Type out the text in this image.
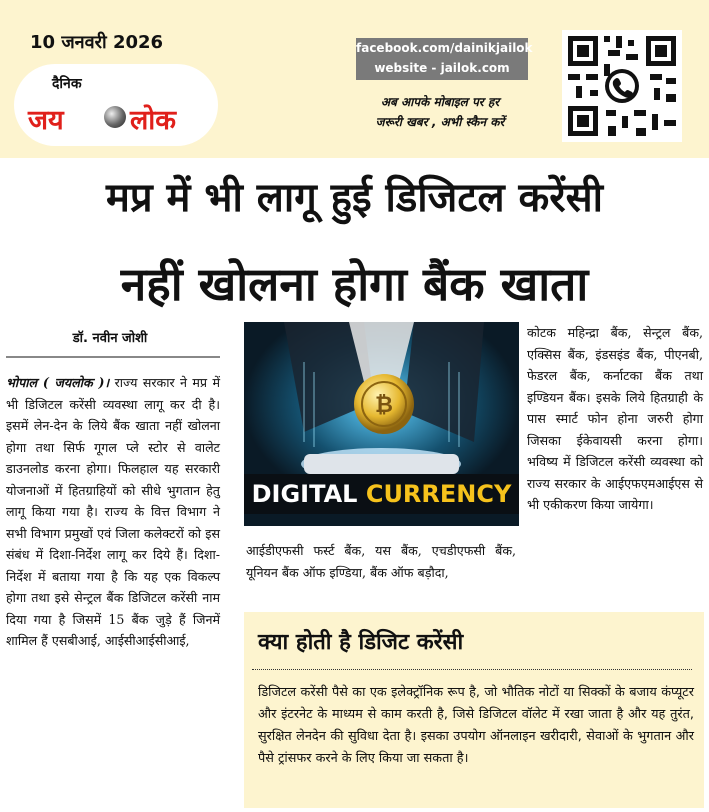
10 जनवरी 2026
दैनिक
जय लोक
facebook.com/dainikjailok
website - jailok.com
अब आपके मोबाइल पर हर
जरूरी खबर , अभी स्कैन करें
मप्र में भी लागू हुई डिजिटल करेंसी
नहीं खोलना होगा बैंक खाता
डॉ. नवीन जोशी
भोपाल ( जयलोक )। राज्य सरकार ने मप्र में भी डिजिटल करेंसी व्यवस्था लागू कर दी है। इसमें लेन-देन के लिये बैंक खाता नहीं खोलना होगा तथा सिर्फ गूगल प्ले स्टोर से वालेट डाउनलोड करना होगा। फिलहाल यह सरकारी योजनाओं में हितग्राहियों को सीधे भुगतान हेतु लागू किया गया है। राज्य के वित्त विभाग ने सभी विभाग प्रमुखों एवं जिला कलेक्टरों को इस संबंध में दिशा-निर्देश लागू कर दिये हैं। दिशा-निर्देश में बताया गया है कि यह एक विकल्प होगा तथा इसे सेन्ट्रल बैंक डिजिटल करेंसी नाम दिया गया है जिसमें 15 बैंक जुड़े हैं जिनमें शामिल हैं एसबीआई, आईसीआईसीआई,
₿
DIGITAL CURRENCY
आईडीएफसी फर्स्ट बैंक, यस बैंक, एचडीएफसी बैंक, यूनियन बैंक ऑफ इण्डिया, बैंक ऑफ बड़ौदा,
कोटक महिन्द्रा बैंक, सेन्ट्रल बैंक, एक्सिस बैंक, इंडसइंड बैंक, पीएनबी, फेडरल बैंक, कर्नाटका बैंक तथा इण्डियन बैंक। इसके लिये हितग्राही के पास स्मार्ट फोन होना जरुरी होगा जिसका ईकेवायसी करना होगा। भविष्य में डिजिटल करेंसी व्यवस्था को राज्य सरकार के आईएफएमआईएस से भी एकीकरण किया जायेगा।
क्या होती है डिजिट करेंसी
डिजिटल करेंसी पैसे का एक इलेक्ट्रॉनिक रूप है, जो भौतिक नोटों या सिक्कों के बजाय कंप्यूटर और इंटरनेट के माध्यम से काम करती है, जिसे डिजिटल वॉलेट में रखा जाता है और यह तुरंत, सुरक्षित लेनदेन की सुविधा देता है। इसका उपयोग ऑनलाइन खरीदारी, सेवाओं के भुगतान और पैसे ट्रांसफर करने के लिए किया जा सकता है।
